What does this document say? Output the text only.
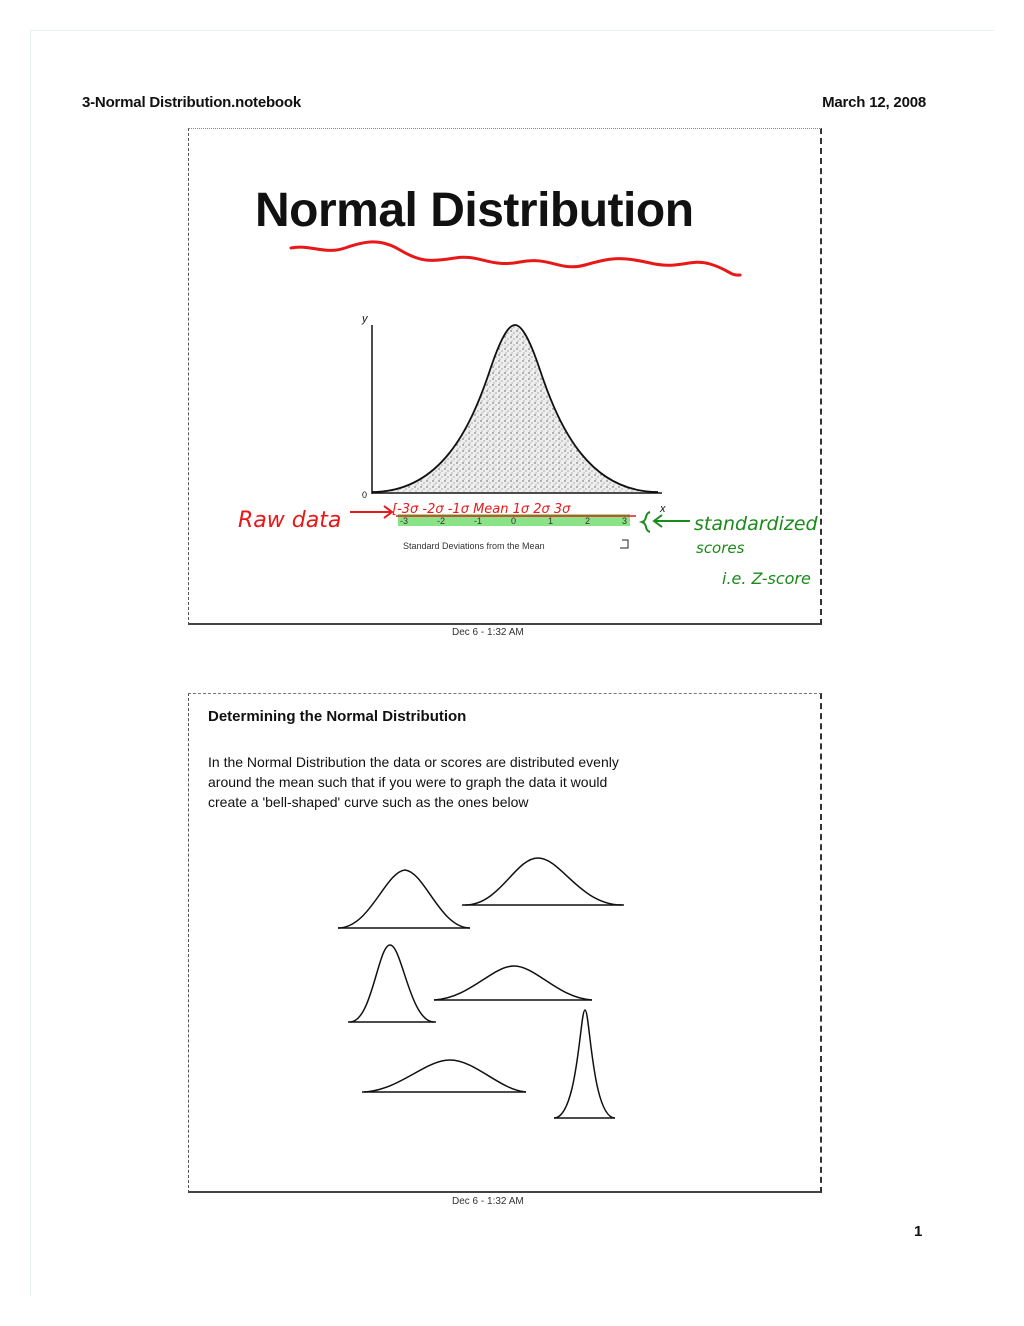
3-Normal Distribution.notebook	March 12, 2008
Normal Distribution
Dec 6 - 1:32 AM
Determining the Normal Distribution
In the Normal Distribution the data or scores are distributed evenly
around the mean such that if you were to graph the data it would
create a 'bell-shaped' curve such as the ones below
Dec 6 - 1:32 AM
1
y
x
0
-3	-2	-1	0	1	2	3
Standard Deviations from the Mean
Raw data	[-3σ -2σ -1σ Mean 1σ 2σ 3σ
standardized
scores
i.e. Z-score
